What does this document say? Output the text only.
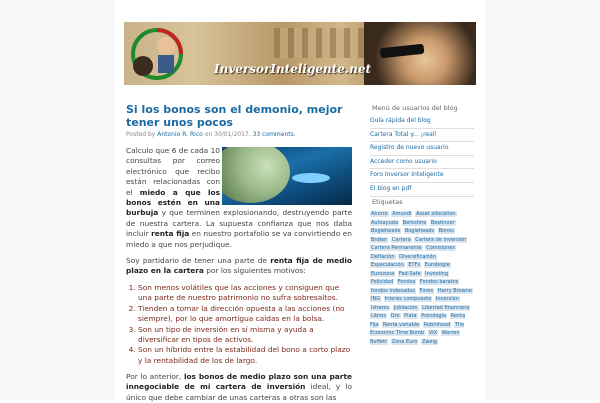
InversorInteligente.net
Si los bonos son el demonio, mejor tener unos pocos
Posted by Antonio R. Rico on 30/01/2017. 33 comments.

Calculo que 6 de cada 10 consultas por correo electrónico que recibo están relacionadas con el miedo a que los bonos estén en una burbuja y que terminen explosionando, destruyendo parte de nuestra cartera. La supuesta confianza que nos daba incluir renta fija en nuestro portafolio se va convirtiendo en miedo a que nos perjudique.

Soy partidario de tener una parte de renta fija de medio plazo en la cartera por los siguientes motivos:

1. Son menos volátiles que las acciones y consiguen que una parte de nuestro patrimonio no sufra sobresaltos.
2. Tienden a tomar la dirección opuesta a las acciones (no siempre), por lo que amortigua caídas en la bolsa.
3. Son un tipo de inversión en sí misma y ayuda a diversificar en tipos de activos.
4. Son un híbrido entre la estabilidad del bono a corto plazo y la rentabilidad de los de largo.

Por lo anterior, los bonos de medio plazo son una parte innegociable de mi cartera de inversión ideal, y lo único que debe cambiar de unas carteras a otras son las

Menú de usuarios del blog
Guía rápida del blog
Cartera Total y... ¡real!
Registro de nuevo usuario
Acceder como usuario
Foro Inversor Inteligente
El blog en pdf
Etiquetas
Ahorro Amundi Asset allocation Autoayuda Berkshire Bestinver Bogleheads Bogleheads Bonos Broker Cartera Cartera de inversion Cartera Permanente Comisiones Deflación Diversificación Especulación ETFs Eurobogle Eurozona Fed-Safe Investing Felicidad Fondos Fondos baratos fondos indexados Forex Harry Browne ING Interes compuesto Inversión Ishares Jubilación Libertad financiera Libros Oro Plata Psicología Renta Fija Renta variable Robinhood The Economic Time Bomb VIX Warren Buffett Zona Euro Zweig
